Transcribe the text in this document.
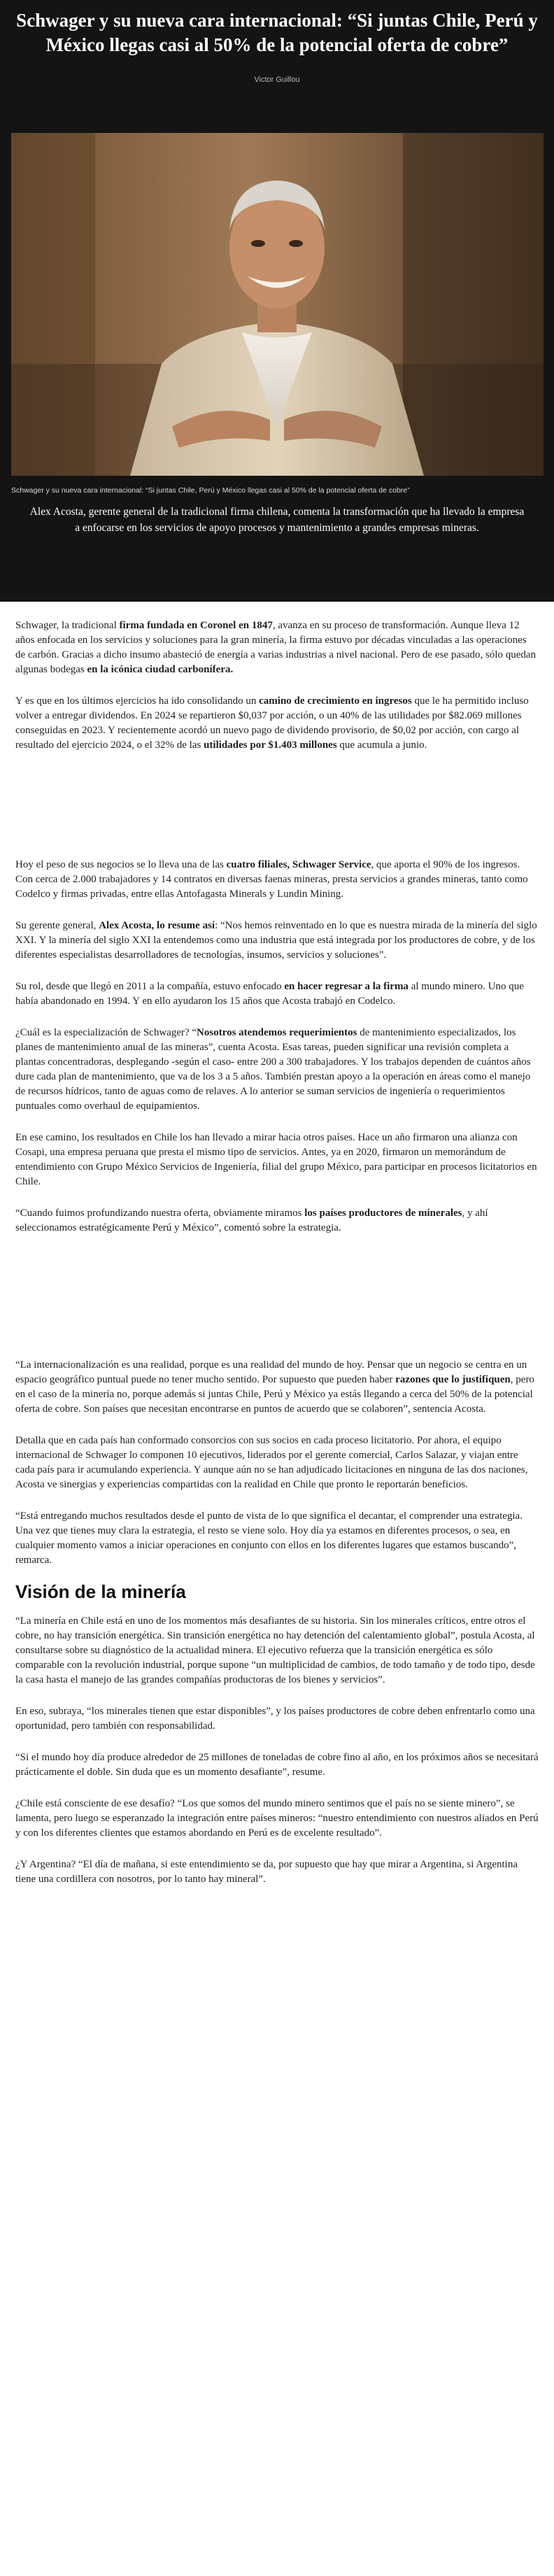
Schwager y su nueva cara internacional: “Si juntas Chile, Perú y México llegas casi al 50% de la potencial oferta de cobre”
Victor Guillou
Schwager y su nueva cara internacional: “Si juntas Chile, Perú y México llegas casi al 50% de la potencial oferta de cobre”

Alex Acosta, gerente general de la tradicional firma chilena, comenta la transformación que ha llevado la empresa a enfocarse en los servicios de apoyo procesos y mantenimiento a grandes empresas mineras.

Schwager, la tradicional firma fundada en Coronel en 1847, avanza en su proceso de transformación. Aunque lleva 12 años enfocada en los servicios y soluciones para la gran minería, la firma estuvo por décadas vinculadas a las operaciones de carbón. Gracias a dicho insumo abasteció de energía a varias industrias a nivel nacional. Pero de ese pasado, sólo quedan algunas bodegas en la icónica ciudad carbonífera.

Y es que en los últimos ejercicios ha ido consolidando un camino de crecimiento en ingresos que le ha permitido incluso volver a entregar dividendos. En 2024 se repartieron $0,037 por acción, o un 40% de las utilidades por $82.069 millones conseguidas en 2023. Y recientemente acordó un nuevo pago de dividendo provisorio, de $0,02 por acción, con cargo al resultado del ejercicio 2024, o el 32% de las utilidades por $1.403 millones que acumula a junio.

Hoy el peso de sus negocios se lo lleva una de las cuatro filiales, Schwager Service, que aporta el 90% de los ingresos. Con cerca de 2.000 trabajadores y 14 contratos en diversas faenas mineras, presta servicios a grandes mineras, tanto como Codelco y firmas privadas, entre ellas Antofagasta Minerals y Lundin Mining.

Su gerente general, Alex Acosta, lo resume así: “Nos hemos reinventado en lo que es nuestra mirada de la minería del siglo XXI. Y la minería del siglo XXI la entendemos como una industria que está integrada por los productores de cobre, y de los diferentes especialistas desarrolladores de tecnologías, insumos, servicios y soluciones”.

Su rol, desde que llegó en 2011 a la compañía, estuvo enfocado en hacer regresar a la firma al mundo minero. Uno que había abandonado en 1994. Y en ello ayudaron los 15 años que Acosta trabajó en Codelco.

¿Cuál es la especialización de Schwager? “Nosotros atendemos requerimientos de mantenimiento especializados, los planes de mantenimiento anual de las mineras”, cuenta Acosta. Esas tareas, pueden significar una revisión completa a plantas concentradoras, desplegando -según el caso- entre 200 a 300 trabajadores. Y los trabajos dependen de cuántos años dure cada plan de mantenimiento, que va de los 3 a 5 años. También prestan apoyo a la operación en áreas como el manejo de recursos hídricos, tanto de aguas como de relaves. A lo anterior se suman servicios de ingeniería o requerimientos puntuales como overhaul de equipamientos.

En ese camino, los resultados en Chile los han llevado a mirar hacia otros países. Hace un año firmaron una alianza con Cosapi, una empresa peruana que presta el mismo tipo de servicios. Antes, ya en 2020, firmaron un memorándum de entendimiento con Grupo México Servicios de Ingeniería, filial del grupo México, para participar en procesos licitatorios en Chile.

“Cuando fuimos profundizando nuestra oferta, obviamente miramos los países productores de minerales, y ahí seleccionamos estratégicamente Perú y México”, comentó sobre la estrategia.

“La internacionalización es una realidad, porque es una realidad del mundo de hoy. Pensar que un negocio se centra en un espacio geográfico puntual puede no tener mucho sentido. Por supuesto que pueden haber razones que lo justifiquen, pero en el caso de la minería no, porque además si juntas Chile, Perú y México ya estás llegando a cerca del 50% de la potencial oferta de cobre. Son países que necesitan encontrarse en puntos de acuerdo que se colaboren”, sentencia Acosta.

Detalla que en cada país han conformado consorcios con sus socios en cada proceso licitatorio. Por ahora, el equipo internacional de Schwager lo componen 10 ejecutivos, liderados por el gerente comercial, Carlos Salazar, y viajan entre cada país para ir acumulando experiencia. Y aunque aún no se han adjudicado licitaciones en ninguna de las dos naciones, Acosta ve sinergias y experiencias compartidas con la realidad en Chile que pronto le reportarán beneficios.

“Está entregando muchos resultados desde el punto de vista de lo que significa el decantar, el comprender una estrategia. Una vez que tienes muy clara la estrategia, el resto se viene solo. Hoy día ya estamos en diferentes procesos, o sea, en cualquier momento vamos a iniciar operaciones en conjunto con ellos en los diferentes lugares que estamos buscando”, remarca.

Visión de la minería

“La minería en Chile está en uno de los momentos más desafiantes de su historia. Sin los minerales críticos, entre otros el cobre, no hay transición energética. Sin transición energética no hay detención del calentamiento global”, postula Acosta, al consultarse sobre su diagnóstico de la actualidad minera. El ejecutivo refuerza que la transición energética es sólo comparable con la revolución industrial, porque supone “un multiplicidad de cambios, de todo tamaño y de todo tipo, desde la casa hasta el manejo de las grandes compañías productoras de los bienes y servicios”.

En eso, subraya, “los minerales tienen que estar disponibles”, y los países productores de cobre deben enfrentarlo como una oportunidad, pero también con responsabilidad.

“Si el mundo hoy día produce alrededor de 25 millones de toneladas de cobre fino al año, en los próximos años se necesitará prácticamente el doble. Sin duda que es un momento desafiante”, resume.

¿Chile está consciente de ese desafío? “Los que somos del mundo minero sentimos que el país no se siente minero”, se lamenta, pero luego se esperanzado la integración entre países mineros: “nuestro entendimiento con nuestros aliados en Perú y con los diferentes clientes que estamos abordando en Perú es de excelente resultado”.

¿Y Argentina? “El día de mañana, si este entendimiento se da, por supuesto que hay que mirar a Argentina, si Argentina tiene una cordillera con nosotros, por lo tanto hay mineral”.
